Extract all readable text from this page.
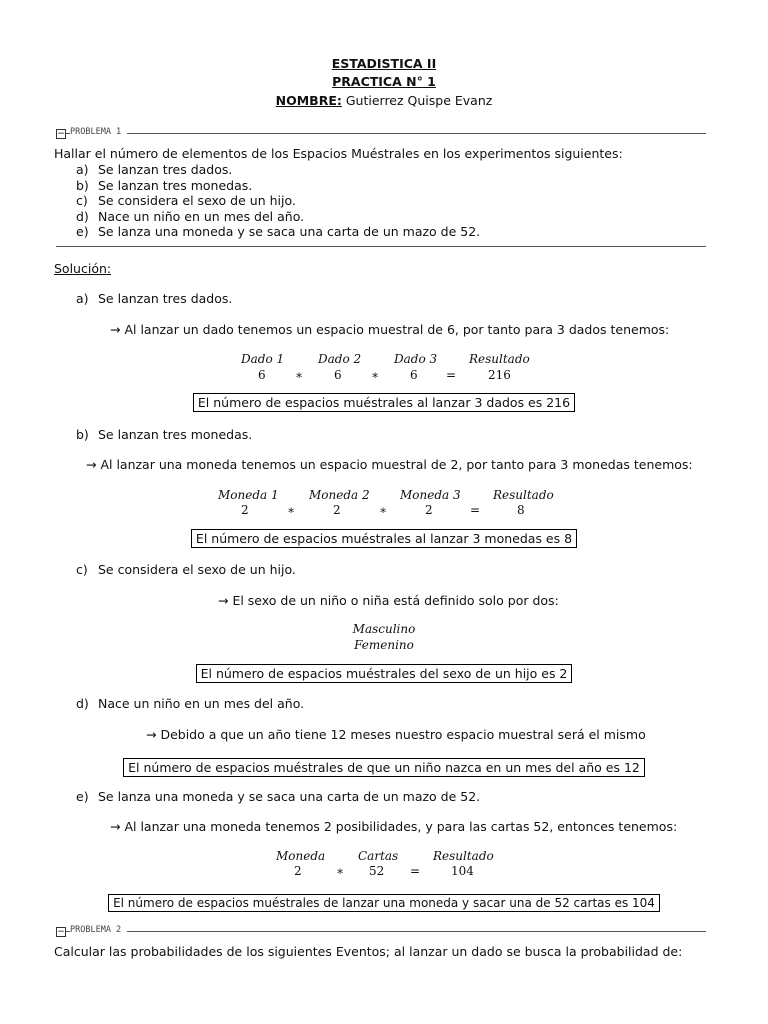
ESTADISTICA II
PRACTICA N° 1
NOMBRE: Gutierrez Quispe Evanz
− PROBLEMA 1
Hallar el número de elementos de los Espacios Muéstrales en los experimentos siguientes:
a) Se lanzan tres dados.
b) Se lanzan tres monedas.
c) Se considera el sexo de un hijo.
d) Nace un niño en un mes del año.
e) Se lanza una moneda y se saca una carta de un mazo de 52.
Solución:
a) Se lanzan tres dados.
→ Al lanzar un dado tenemos un espacio muestral de 6, por tanto para 3 dados tenemos:
Dado 1	Dado 2	Dado 3	Resultado
6 ∗	6 ∗	6 =	216
El número de espacios muéstrales al lanzar 3 dados es 216
b) Se lanzan tres monedas.
→ Al lanzar una moneda tenemos un espacio muestral de 2, por tanto para 3 monedas tenemos:
Moneda 1	Moneda 2	Moneda 3	Resultado
2	∗	2	∗	2	=	8
El número de espacios muéstrales al lanzar 3 monedas es 8
c) Se considera el sexo de un hijo.
→ El sexo de un niño o niña está definido solo por dos:
Masculino
Femenino
El número de espacios muéstrales del sexo de un hijo es 2
d) Nace un niño en un mes del año.
→ Debido a que un año tiene 12 meses nuestro espacio muestral será el mismo
El número de espacios muéstrales de que un niño nazca en un mes del año es 12
e) Se lanza una moneda y se saca una carta de un mazo de 52.
→ Al lanzar una moneda tenemos 2 posibilidades, y para las cartas 52, entonces tenemos:
Moneda	Cartas	Resultado
2	∗ 52 =	104
El número de espacios muéstrales de lanzar una moneda y sacar una de 52 cartas es 104
− PROBLEMA 2
Calcular las probabilidades de los siguientes Eventos; al lanzar un dado se busca la probabilidad de:
